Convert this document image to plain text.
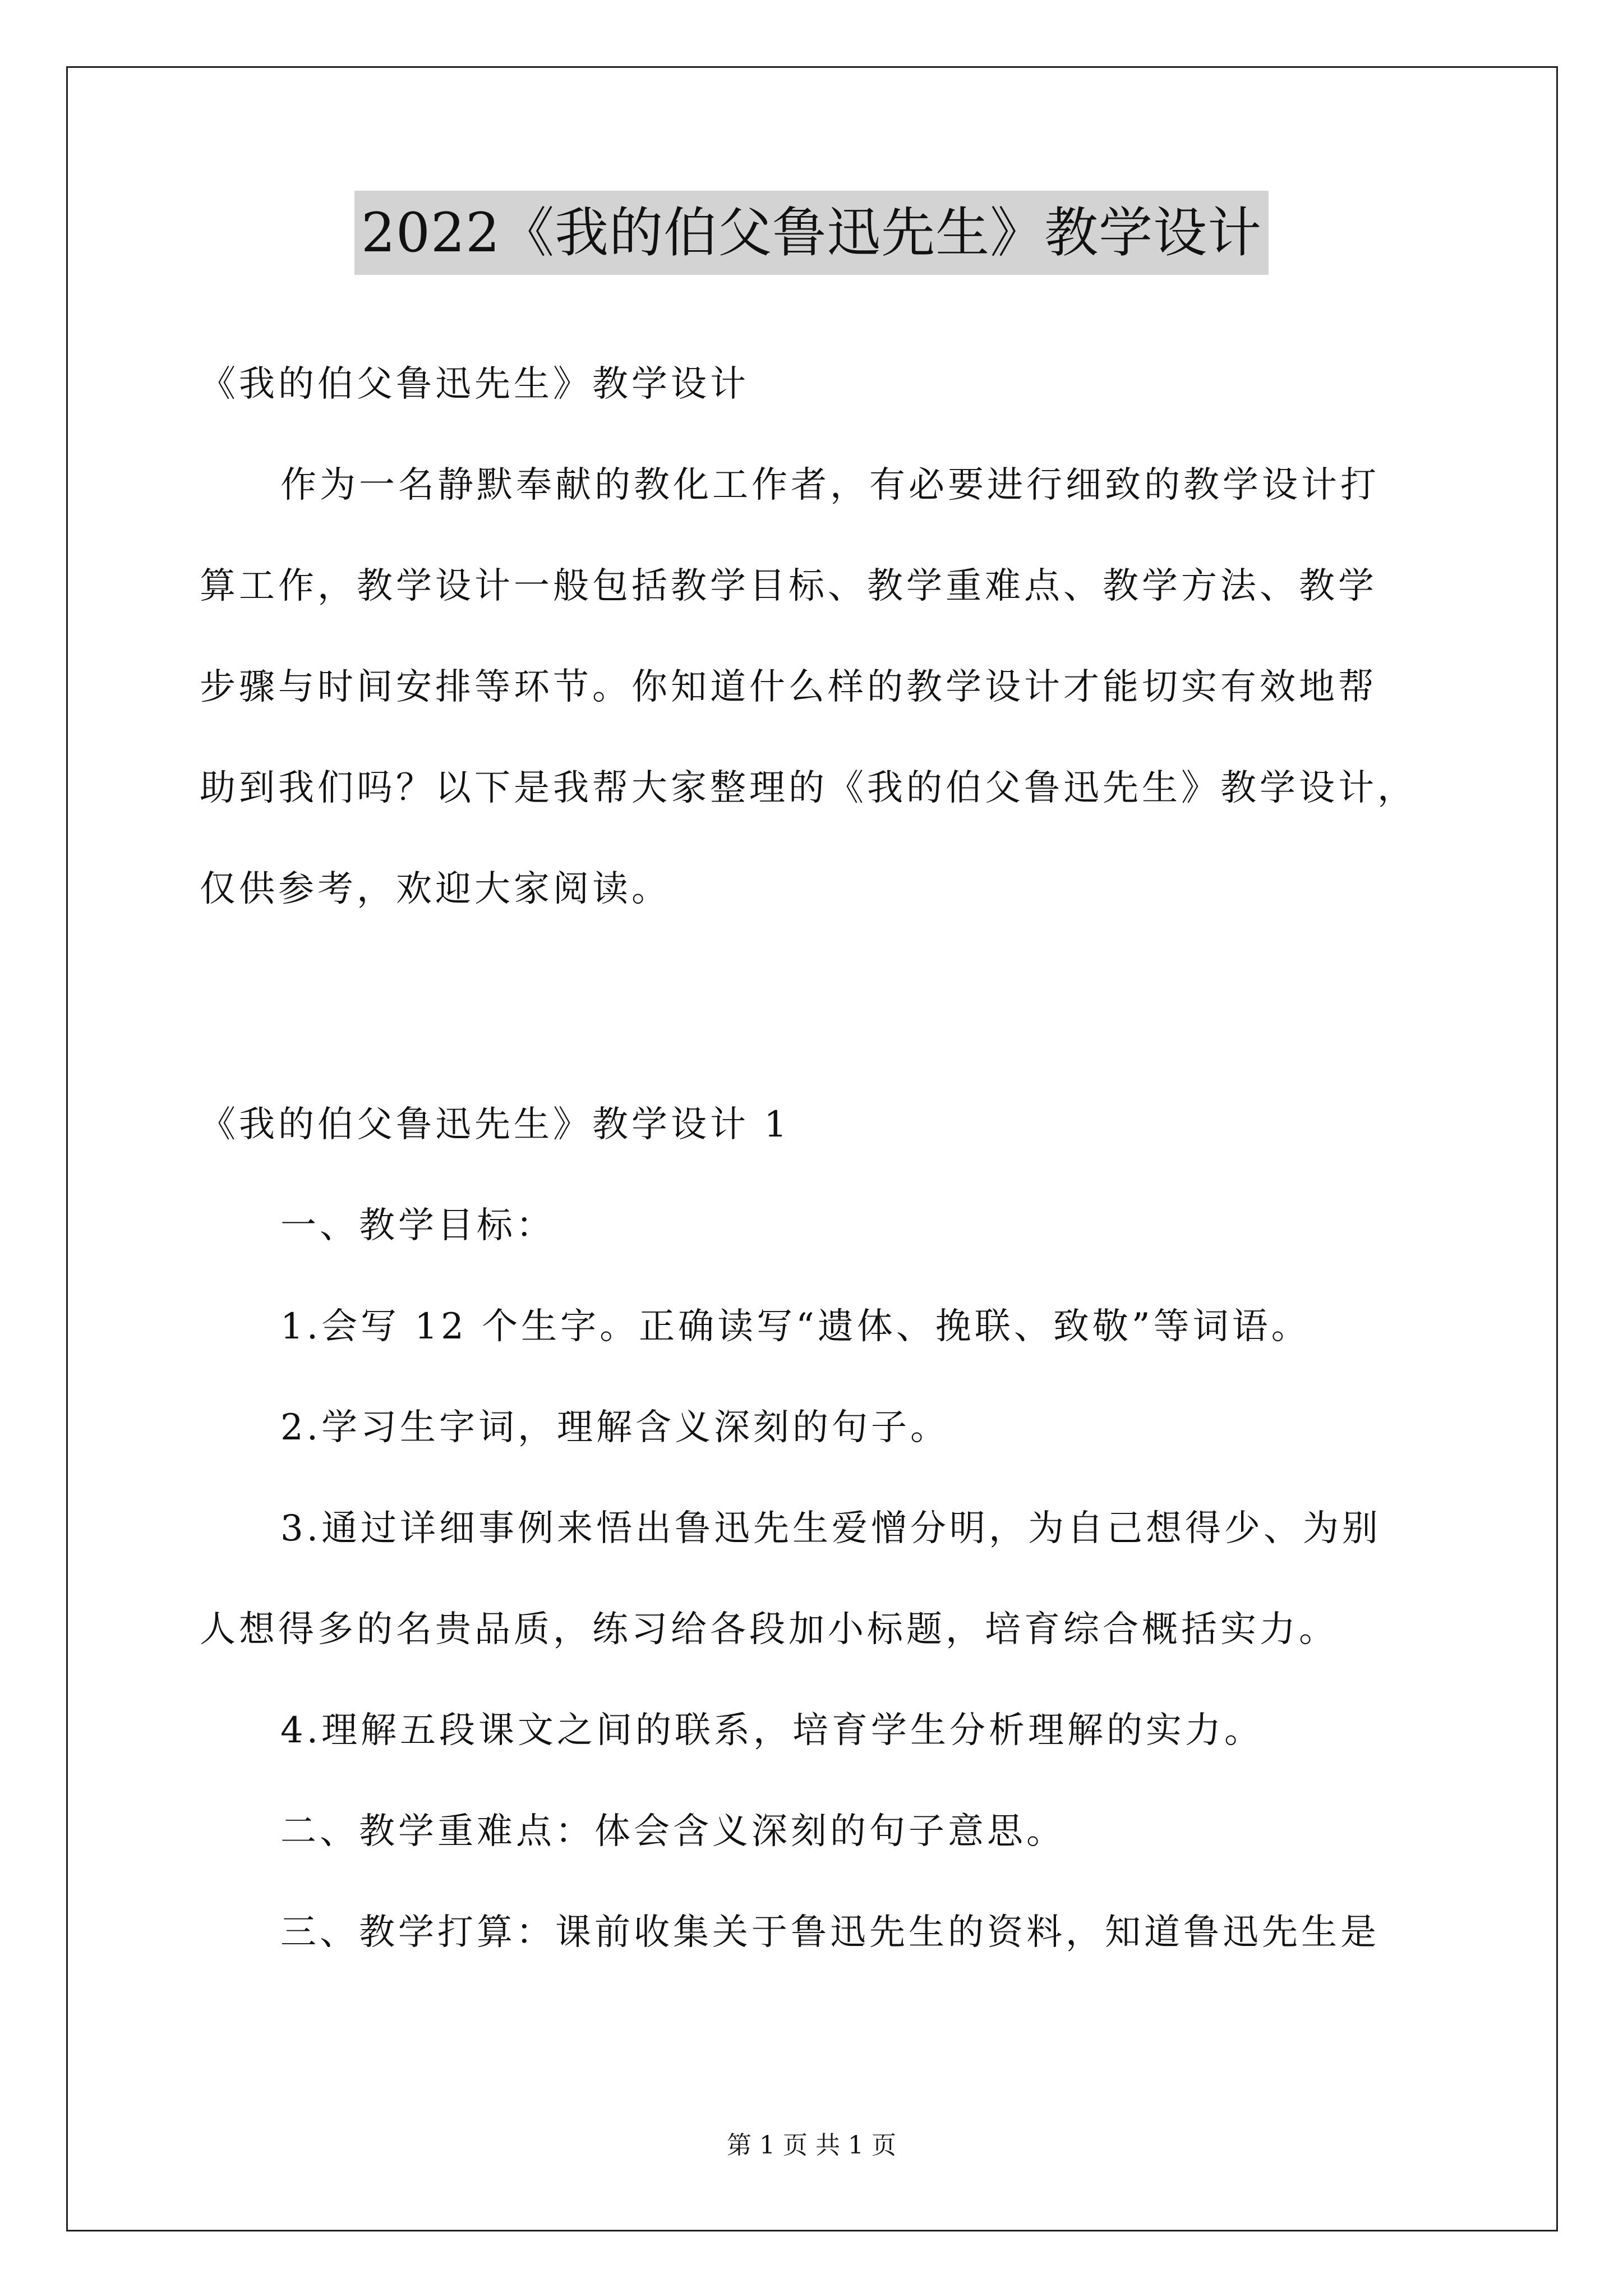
2022《我的伯父鲁迅先生》教学设计
《我的伯父鲁迅先生》教学设计
作为一名静默奉献的教化工作者，有必要进行细致的教学设计打
算工作，教学设计一般包括教学目标、教学重难点、教学方法、教学
步骤与时间安排等环节。你知道什么样的教学设计才能切实有效地帮
助到我们吗？以下是我帮大家整理的《我的伯父鲁迅先生》教学设计，
仅供参考，欢迎大家阅读。
《我的伯父鲁迅先生》教学设计 1
一、教学目标：
1.会写 12 个生字。正确读写“遗体、挽联、致敬”等词语。
2.学习生字词，理解含义深刻的句子。
3.通过详细事例来悟出鲁迅先生爱憎分明，为自己想得少、为别
人想得多的名贵品质，练习给各段加小标题，培育综合概括实力。
4.理解五段课文之间的联系，培育学生分析理解的实力。
二、教学重难点：体会含义深刻的句子意思。
三、教学打算：课前收集关于鲁迅先生的资料，知道鲁迅先生是
第 1 页 共 1 页
